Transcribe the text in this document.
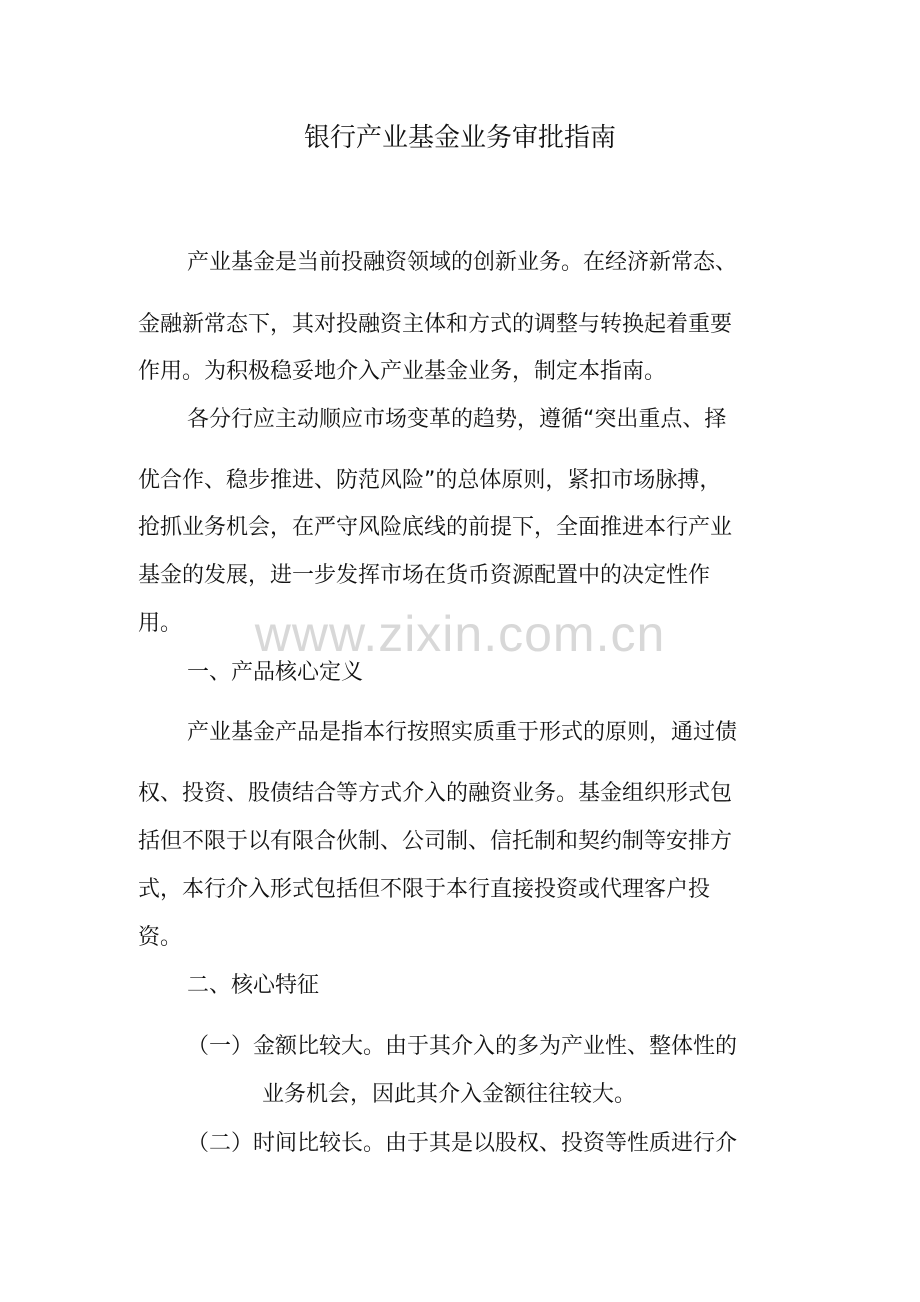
银行产业基金业务审批指南

产业基金是当前投融资领域的创新业务。在经济新常态、

金融新常态下，其对投融资主体和方式的调整与转换起着重要

作用。为积极稳妥地介入产业基金业务，制定本指南。

各分行应主动顺应市场变革的趋势，遵循“突出重点、择

优合作、稳步推进、防范风险”的总体原则，紧扣市场脉搏，

抢抓业务机会，在严守风险底线的前提下，全面推进本行产业

基金的发展，进一步发挥市场在货币资源配置中的决定性作

用。

一、产品核心定义

产业基金产品是指本行按照实质重于形式的原则，通过债

权、投资、股债结合等方式介入的融资业务。基金组织形式包

括但不限于以有限合伙制、公司制、信托制和契约制等安排方

式，本行介入形式包括但不限于本行直接投资或代理客户投

资。

二、核心特征

（一）金额比较大。由于其介入的多为产业性、整体性的

业务机会，因此其介入金额往往较大。

（二）时间比较长。由于其是以股权、投资等性质进行介

www.zixin.com.cn
